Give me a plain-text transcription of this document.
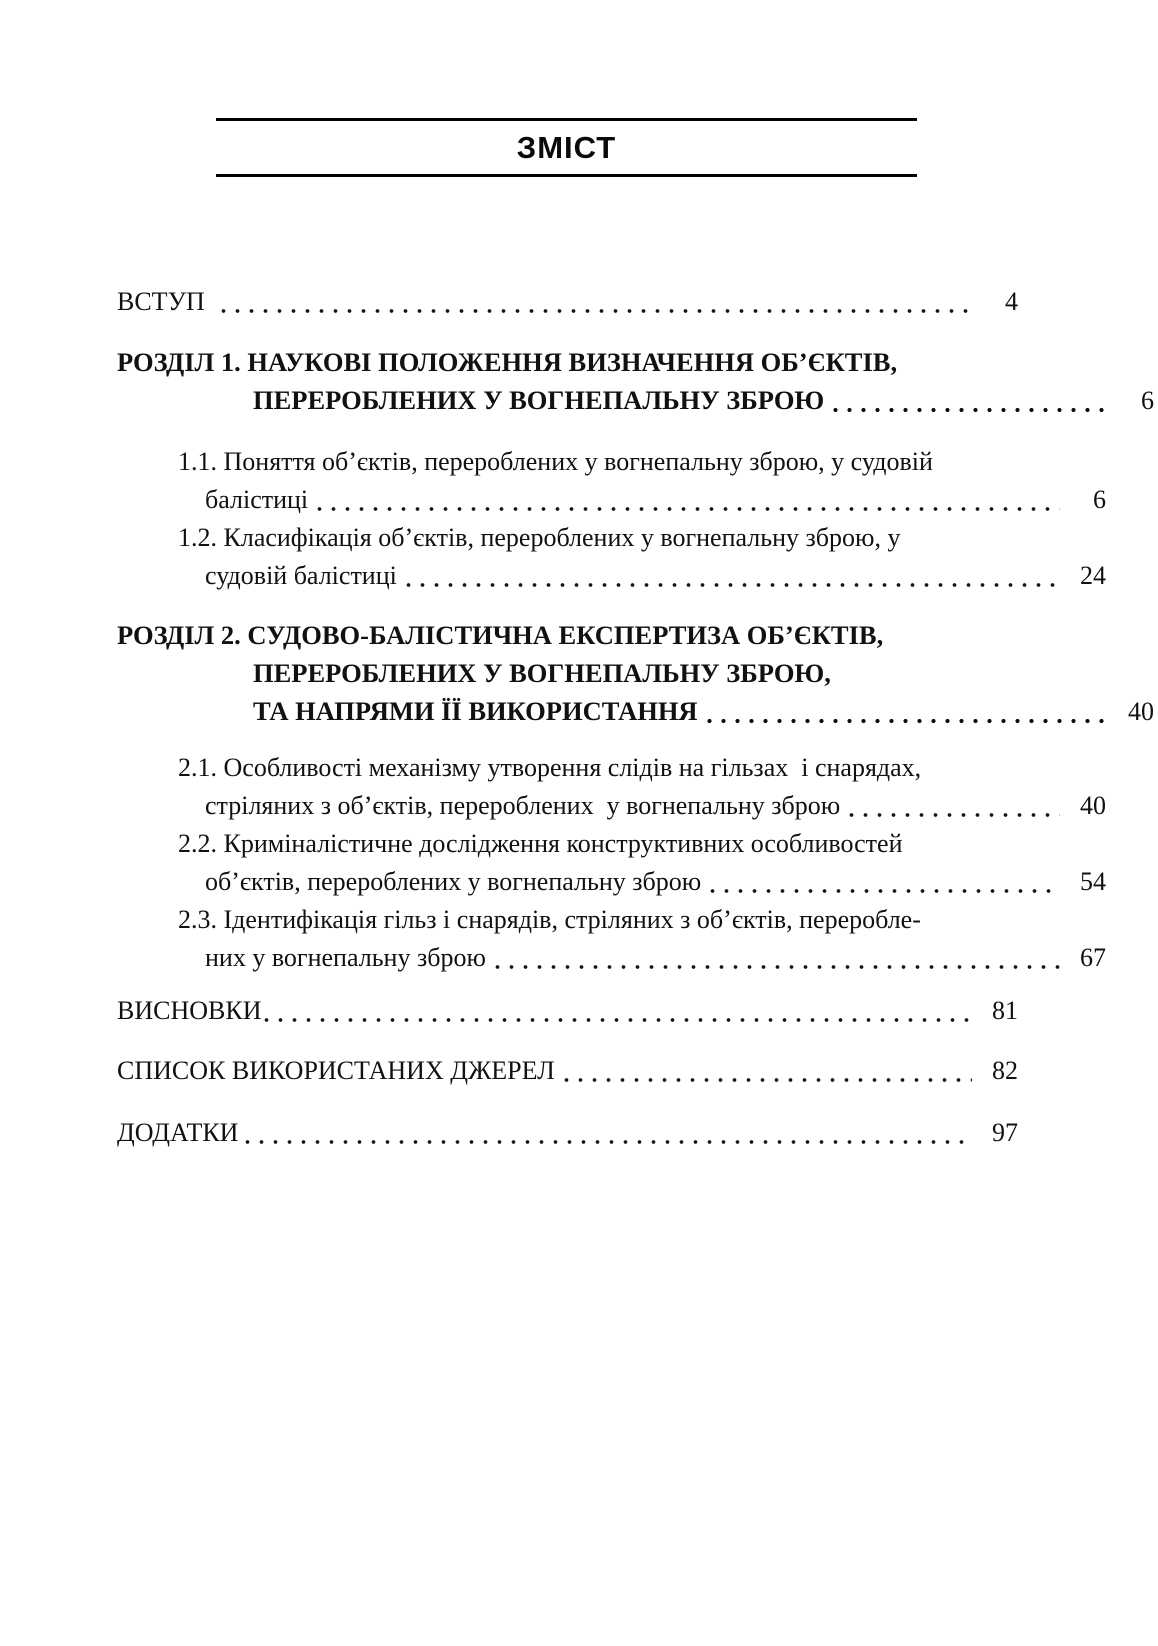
ЗМІСТ
ВСТУП	4
РОЗДІЛ 1. НАУКОВІ ПОЛОЖЕННЯ ВИЗНАЧЕННЯ ОБ’ЄКТІВ,
ПЕРЕРОБЛЕНИХ У ВОГНЕПАЛЬНУ ЗБРОЮ	6
1.1. Поняття об’єктів, перероблених у вогнепальну зброю, у судовій
балістиці	6
1.2. Класифікація об’єктів, перероблених у вогнепальну зброю, у
судовій балістиці	24
РОЗДІЛ 2. СУДОВО-БАЛІСТИЧНА ЕКСПЕРТИЗА ОБ’ЄКТІВ,
ПЕРЕРОБЛЕНИХ У ВОГНЕПАЛЬНУ ЗБРОЮ,
ТА НАПРЯМИ ЇЇ ВИКОРИСТАННЯ	40
2.1. Особливості механізму утворення слідів на гільзах  і снарядах,
стріляних з об’єктів, перероблених  у вогнепальну зброю	40
2.2. Криміналістичне дослідження конструктивних особливостей
об’єктів, перероблених у вогнепальну зброю	54
2.3. Ідентифікація гільз і снарядів, стріляних з об’єктів, переробле-
них у вогнепальну зброю	67
ВИСНОВКИ	81
СПИСОК ВИКОРИСТАНИХ ДЖЕРЕЛ	82
ДОДАТКИ	97
